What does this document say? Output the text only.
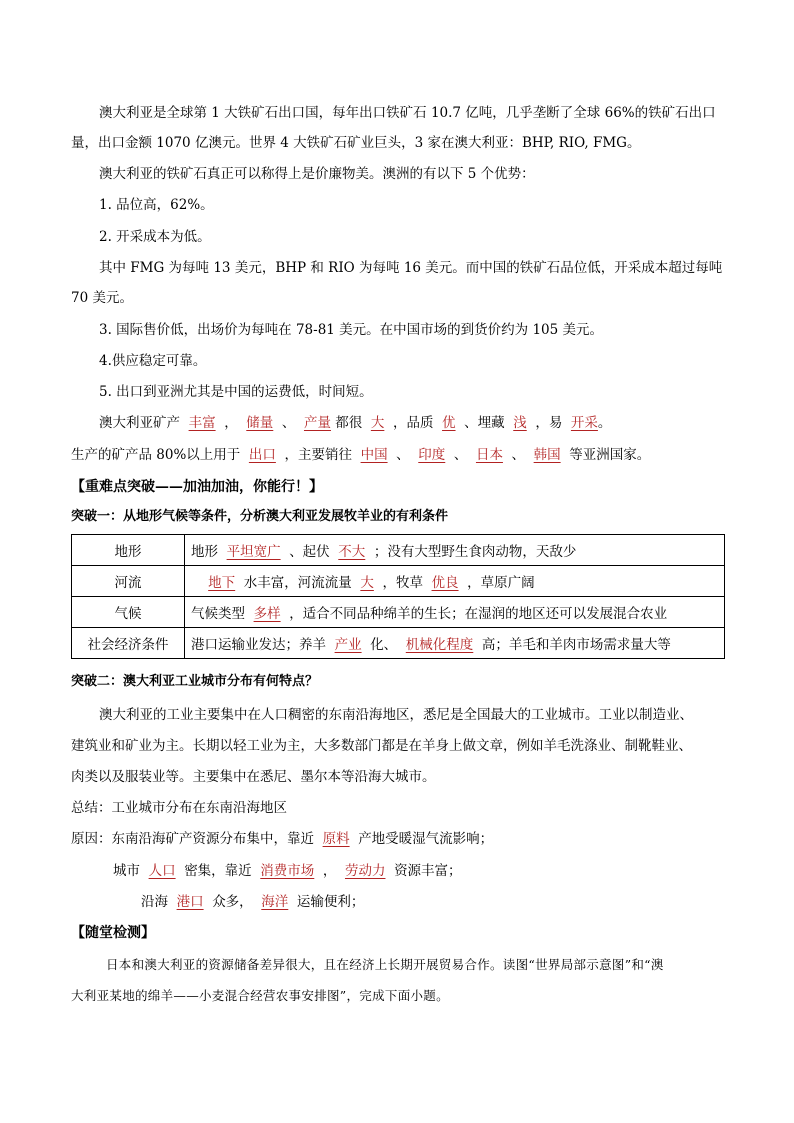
澳大利亚是全球第 1 大铁矿石出口国，每年出口铁矿石 10.7 亿吨，几乎垄断了全球 66%的铁矿石出口
量，出口金额 1070 亿澳元。世界 4 大铁矿石矿业巨头，3 家在澳大利亚：BHP, RIO, FMG。
澳大利亚的铁矿石真正可以称得上是价廉物美。澳洲的有以下 5 个优势：
1. 品位高，62%。
2. 开采成本为低。
其中 FMG 为每吨 13 美元，BHP 和 RIO 为每吨 16 美元。而中国的铁矿石品位低，开采成本超过每吨
70 美元。
3. 国际售价低，出场价为每吨在 78-81 美元。在中国市场的到货价约为 105 美元。
4.供应稳定可靠。
5. 出口到亚洲尤其是中国的运费低，时间短。
澳大利亚矿产 丰富 ， 储量 、 产量 都很 大 ，品质 优 、埋藏 浅 ，易 开采。
生产的矿产品 80%以上用于 出口 ，主要销往 中国 、 印度 、 日本 、 韩国 等亚洲国家。
【重难点突破——加油加油，你能行！】
突破一：从地形气候等条件，分析澳大利亚发展牧羊业的有利条件
地形	地形 平坦宽广 、起伏 不大 ；没有大型野生食肉动物，天敌少
河流	地下 水丰富，河流流量 大 ，牧草 优良 ，草原广阔
气候	气候类型 多样 ，适合不同品种绵羊的生长；在湿润的地区还可以发展混合农业
社会经济条件	港口运输业发达；养羊 产业 化、 机械化程度 高；羊毛和羊肉市场需求量大等
突破二：澳大利亚工业城市分布有何特点？
澳大利亚的工业主要集中在人口稠密的东南沿海地区，悉尼是全国最大的工业城市。工业以制造业、
建筑业和矿业为主。长期以轻工业为主，大多数部门都是在羊身上做文章，例如羊毛洗涤业、制靴鞋业、
肉类以及服装业等。主要集中在悉尼、墨尔本等沿海大城市。
总结：工业城市分布在东南沿海地区
原因：东南沿海矿产资源分布集中，靠近 原料 产地受暖湿气流影响；
城市 人口 密集，靠近 消费市场 ， 劳动力 资源丰富；
沿海 港口 众多， 海洋 运输便利；
【随堂检测】
日本和澳大利亚的资源储备差异很大，且在经济上长期开展贸易合作。读图“世界局部示意图”和“澳
大利亚某地的绵羊——小麦混合经营农事安排图”，完成下面小题。
